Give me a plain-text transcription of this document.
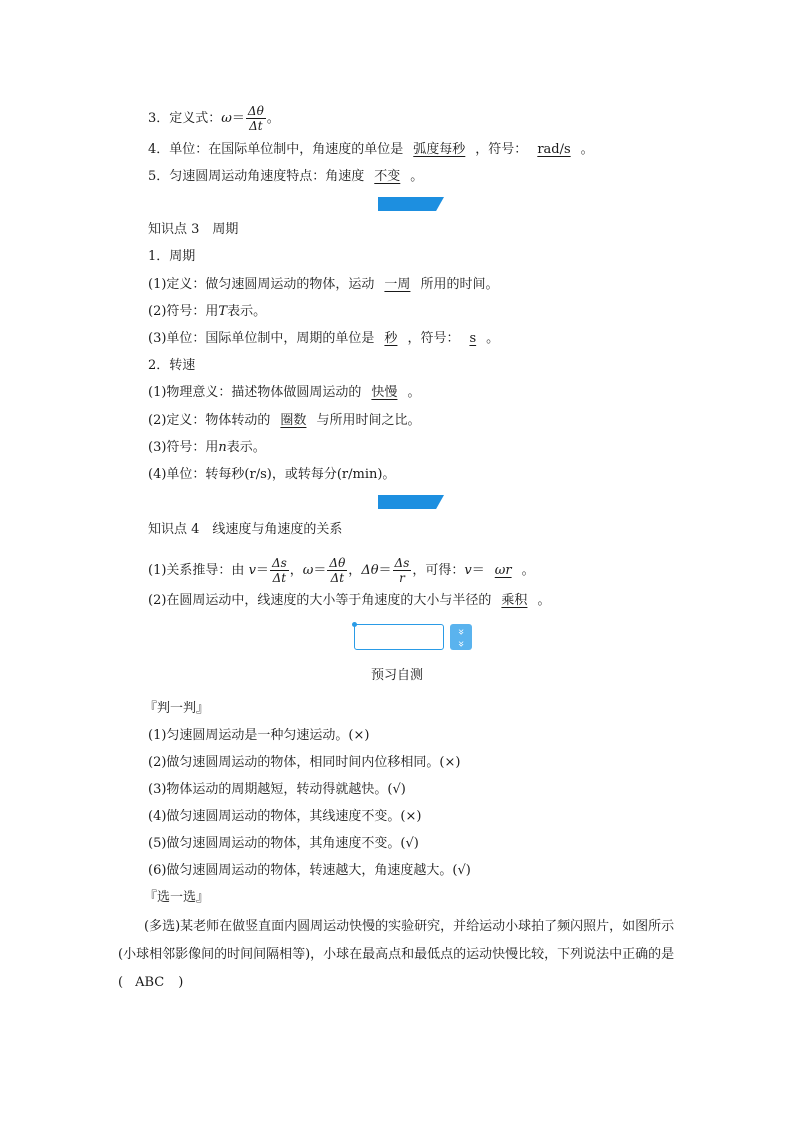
3．定义式：$\omega= \frac{\Delta\theta}{\Delta t}$ 。
4．单位：在国际单位制中，角速度的单位是 弧度每秒 ，符号： rad/s 。
5．匀速圆周运动角速度特点：角速度 不变 。
知识点 3　周期
1．周期
(1)定义：做匀速圆周运动的物体，运动 一周 所用的时间。
(2)符号：用T表示。
(3)单位：国际单位制中，周期的单位是 秒 ，符号： s 。
2．转速
(1)物理意义：描述物体做圆周运动的 快慢 。
(2)定义：物体转动的 圈数 与所用时间之比。
(3)符号：用n表示。
(4)单位：转每秒(r/s)，或转每分(r/min)。
知识点 4　线速度与角速度的关系
(1)关系推导：由 $v= \frac{\Delta s}{\Delta t}$ ，$\omega= \frac{\Delta\theta}{\Delta t}$ ，$\Delta\theta= \frac{\Delta s}{r}$ ，可得：v＝ ωr 。
(2)在圆周运动中，线速度的大小等于角速度的大小与半径的 乘积 。
»
»
预习自测
『判一判』
(1)匀速圆周运动是一种匀速运动。(×)
(2)做匀速圆周运动的物体，相同时间内位移相同。(×)
(3)物体运动的周期越短，转动得就越快。(√)
(4)做匀速圆周运动的物体，其线速度不变。(×)
(5)做匀速圆周运动的物体，其角速度不变。(√)
(6)做匀速圆周运动的物体，转速越大，角速度越大。(√)
『选一选』
(多选)某老师在做竖直面内圆周运动快慢的实验研究，并给运动小球拍了频闪照片，如图所示(小球相邻影像间的时间间隔相等)，小球在最高点和最低点的运动快慢比较，下列说法中正确的是( ABC )
